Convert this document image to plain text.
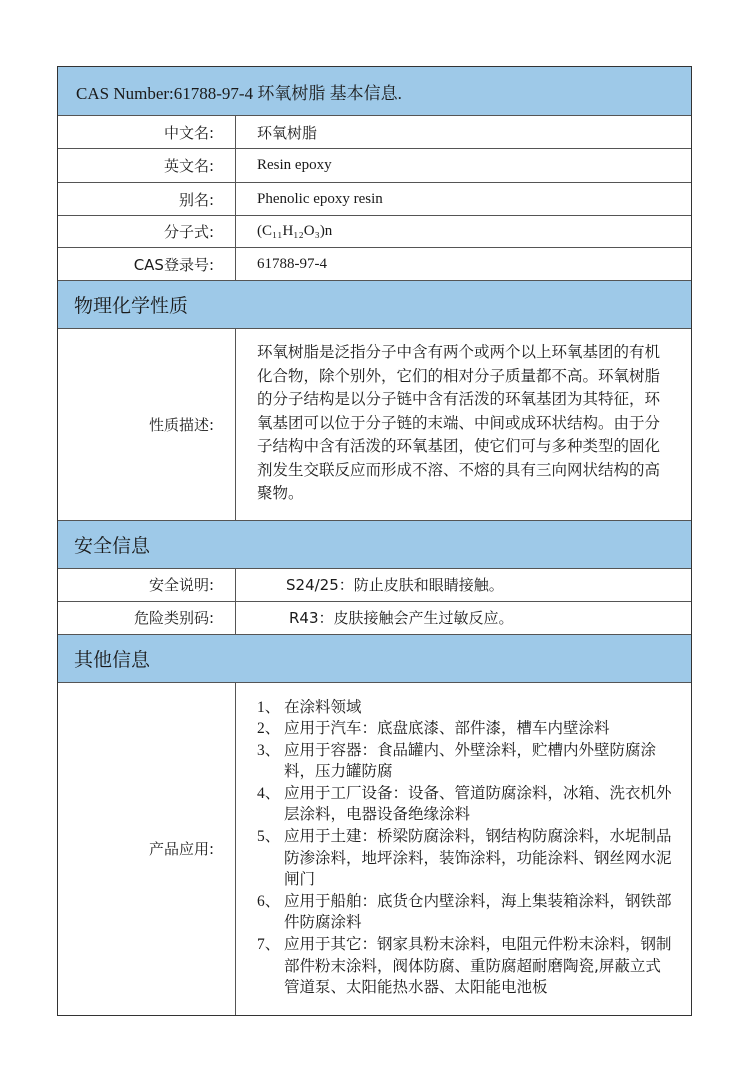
CAS Number:61788-97-4 环氧树脂 基本信息.
中文名:	环氧树脂
英文名:	Resin epoxy
别名:	Phenolic epoxy resin
分子式:	(C₁₁H₁₂O₃)n
CAS登录号:	61788-97-4
物理化学性质
性质描述:
环氧树脂是泛指分子中含有两个或两个以上环氧基团的有机化合物，除个别外，它们的相对分子质量都不高。环氧树脂的分子结构是以分子链中含有活泼的环氧基团为其特征，环氧基团可以位于分子链的末端、中间或成环状结构。由于分子结构中含有活泼的环氧基团，使它们可与多种类型的固化剂发生交联反应而形成不溶、不熔的具有三向网状结构的高聚物。
安全信息
安全说明:	S24/25：防止皮肤和眼睛接触。
危险类别码:	R43：皮肤接触会产生过敏反应。
其他信息
产品应用:
1、 在涂料领域
2、 应用于汽车：底盘底漆、部件漆，槽车内壁涂料
3、 应用于容器：食品罐内、外壁涂料，贮槽内外壁防腐涂料，压力罐防腐
4、 应用于工厂设备：设备、管道防腐涂料，冰箱、洗衣机外层涂料，电器设备绝缘涂料
5、 应用于土建：桥梁防腐涂料，钢结构防腐涂料，水坭制品防渗涂料，地坪涂料，装饰涂料，功能涂料、钢丝网水泥闸门
6、 应用于船舶：底货仓内壁涂料，海上集装箱涂料，钢铁部件防腐涂料
7、 应用于其它：钢家具粉末涂料，电阻元件粉末涂料，钢制部件粉末涂料，阀体防腐、重防腐超耐磨陶瓷,屏蔽立式管道泵、太阳能热水器、太阳能电池板
